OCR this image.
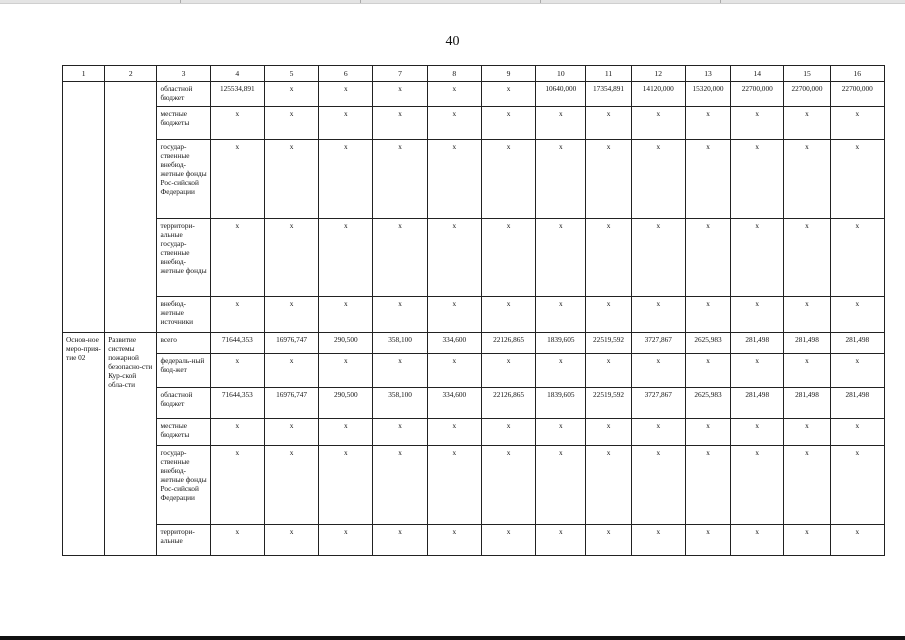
40
1	2	3	4	5	6	7	8	9	10	11	12	13	14	15	16
		областной бюджет	125534,891	x	x	x	x	x	10640,000	17354,891	14120,000	15320,000	22700,000	22700,000	22700,000
		местные бюджеты	x	x	x	x	x	x	x	x	x	x	x	x	x
		государ-ственные внебюд-жетные фонды Рос-сийской Федерации	x	x	x	x	x	x	x	x	x	x	x	x	x
		территори-альные государ-ственные внебюд-жетные фонды	x	x	x	x	x	x	x	x	x	x	x	x	x
		внебюд-жетные источники	x	x	x	x	x	x	x	x	x	x	x	x	x
Основ-ное меро-прия-тие 02	Развитие системы пожарной безопасно-сти Кур-ской обла-сти	всего	71644,353	16976,747	290,500	358,100	334,600	22126,865	1839,605	22519,592	3727,867	2625,983	281,498	281,498	281,498
		федераль-ный бюд-жет	x	x	x	x	x	x	x	x	x	x	x	x	x
		областной бюджет	71644,353	16976,747	290,500	358,100	334,600	22126,865	1839,605	22519,592	3727,867	2625,983	281,498	281,498	281,498
		местные бюджеты	x	x	x	x	x	x	x	x	x	x	x	x	x
		государ-ственные внебюд-жетные фонды Рос-сийской Федерации	x	x	x	x	x	x	x	x	x	x	x	x	x
		территори-альные	x	x	x	x	x	x	x	x	x	x	x	x	x
